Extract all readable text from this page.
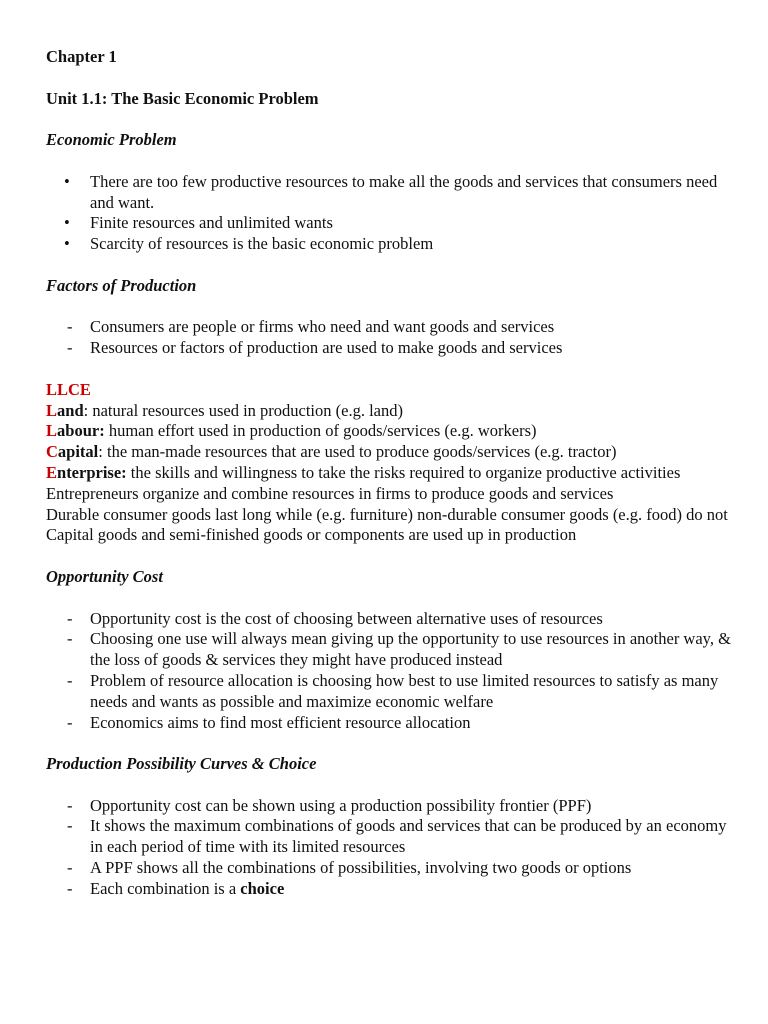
Chapter 1
Unit 1.1: The Basic Economic Problem
Economic Problem
• There are too few productive resources to make all the goods and services that consumers need and want.
• Finite resources and unlimited wants
• Scarcity of resources is the basic economic problem
Factors of Production
- Consumers are people or firms who need and want goods and services
- Resources or factors of production are used to make goods and services
LLCE
Land: natural resources used in production (e.g. land)
Labour: human effort used in production of goods/services (e.g. workers)
Capital: the man-made resources that are used to produce goods/services (e.g. tractor)
Enterprise: the skills and willingness to take the risks required to organize productive activities
Entrepreneurs organize and combine resources in firms to produce goods and services
Durable consumer goods last long while (e.g. furniture) non-durable consumer goods (e.g. food) do not
Capital goods and semi-finished goods or components are used up in production
Opportunity Cost
- Opportunity cost is the cost of choosing between alternative uses of resources
- Choosing one use will always mean giving up the opportunity to use resources in another way, & the loss of goods & services they might have produced instead
- Problem of resource allocation is choosing how best to use limited resources to satisfy as many needs and wants as possible and maximize economic welfare
- Economics aims to find most efficient resource allocation
Production Possibility Curves & Choice
- Opportunity cost can be shown using a production possibility frontier (PPF)
- It shows the maximum combinations of goods and services that can be produced by an economy in each period of time with its limited resources
- A PPF shows all the combinations of possibilities, involving two goods or options
- Each combination is a choice
